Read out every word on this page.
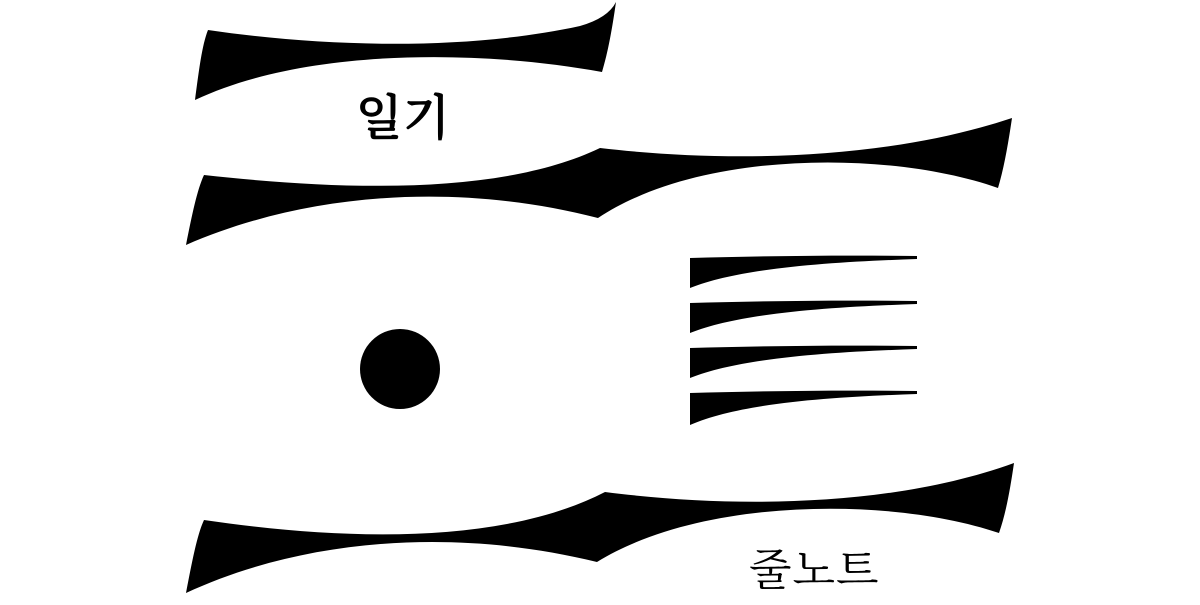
일기
줄노트
